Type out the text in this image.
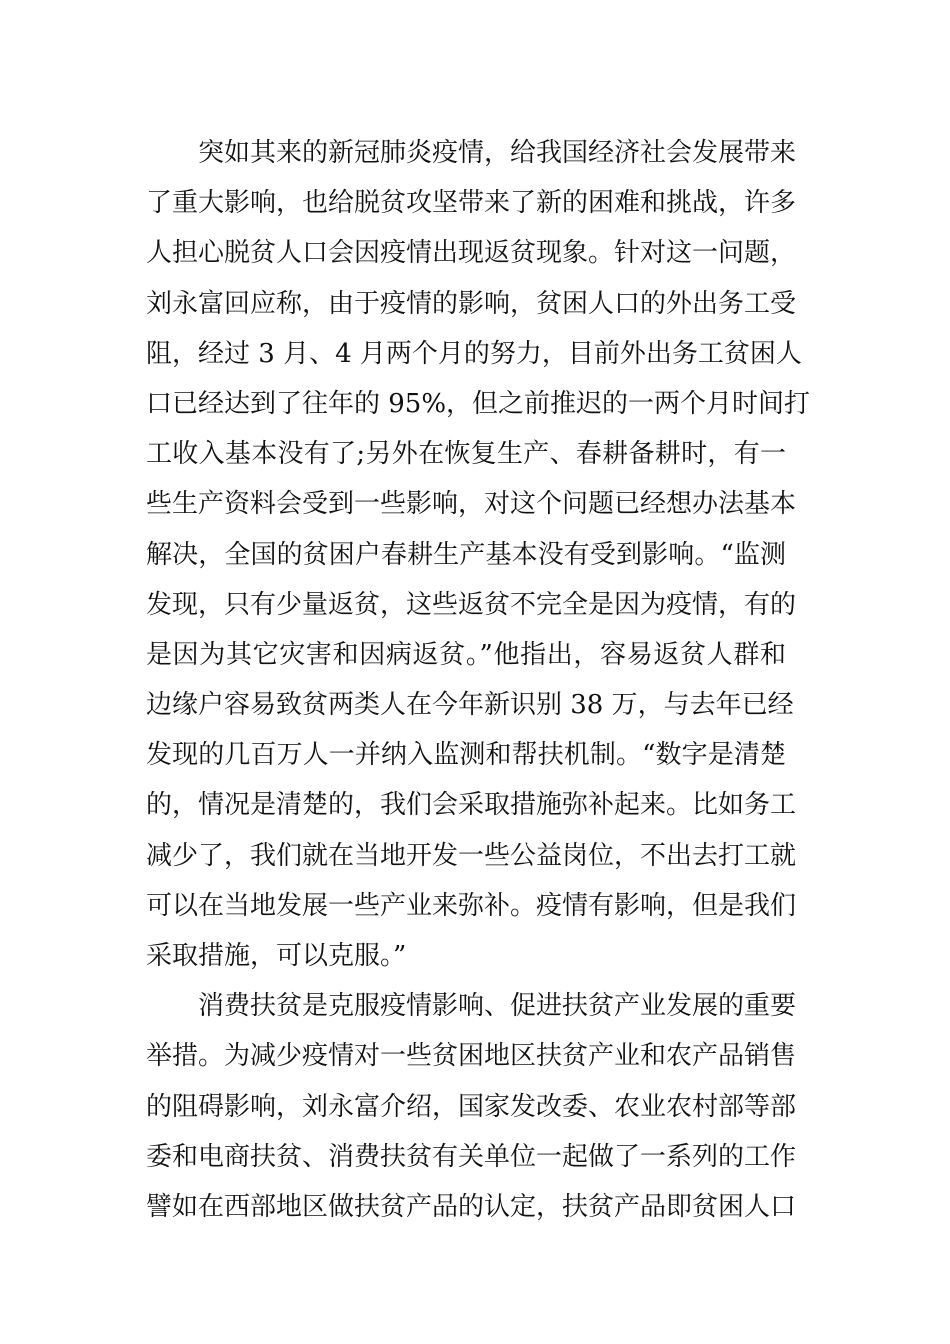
突如其来的新冠肺炎疫情，给我国经济社会发展带来
了重大影响，也给脱贫攻坚带来了新的困难和挑战，许多
人担心脱贫人口会因疫情出现返贫现象。针对这一问题，
刘永富回应称，由于疫情的影响，贫困人口的外出务工受
阻，经过 3 月、4 月两个月的努力，目前外出务工贫困人
口已经达到了往年的 95%，但之前推迟的一两个月时间打
工收入基本没有了;另外在恢复生产、春耕备耕时，有一
些生产资料会受到一些影响，对这个问题已经想办法基本
解决，全国的贫困户春耕生产基本没有受到影响。“监测
发现，只有少量返贫，这些返贫不完全是因为疫情，有的
是因为其它灾害和因病返贫。”他指出，容易返贫人群和
边缘户容易致贫两类人在今年新识别 38 万，与去年已经
发现的几百万人一并纳入监测和帮扶机制。“数字是清楚
的，情况是清楚的，我们会采取措施弥补起来。比如务工
减少了，我们就在当地开发一些公益岗位，不出去打工就
可以在当地发展一些产业来弥补。疫情有影响，但是我们
采取措施，可以克服。”
消费扶贫是克服疫情影响、促进扶贫产业发展的重要
举措。为减少疫情对一些贫困地区扶贫产业和农产品销售
的阻碍影响，刘永富介绍，国家发改委、农业农村部等部
委和电商扶贫、消费扶贫有关单位一起做了一系列的工作
譬如在西部地区做扶贫产品的认定，扶贫产品即贫困人口
